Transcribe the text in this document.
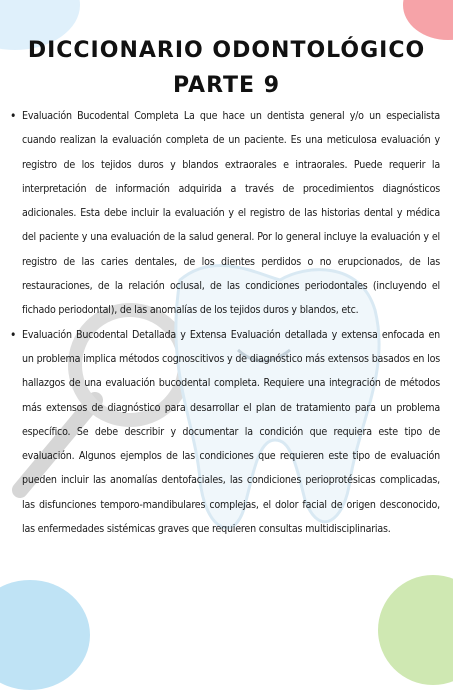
DICCIONARIO ODONTOLÓGICO
PARTE 9
• Evaluación Bucodental Completa La que hace un dentista general y/o un especialista cuando realizan la evaluación completa de un paciente. Es una meticulosa evaluación y registro de los tejidos duros y blandos extraorales e intraorales. Puede requerir la interpretación de información adquirida a través de procedimientos diagnósticos adicionales. Esta debe incluir la evaluación y el registro de las historias dental y médica del paciente y una evaluación de la salud general. Por lo general incluye la evaluación y el registro de las caries dentales, de los dientes perdidos o no erupcionados, de las restauraciones, de la relación oclusal, de las condiciones periodontales (incluyendo el fichado periodontal), de las anomalías de los tejidos duros y blandos, etc.
• Evaluación Bucodental Detallada y Extensa Evaluación detallada y extensa enfocada en un problema implica métodos cognoscitivos y de diagnóstico más extensos basados en los hallazgos de una evaluación bucodental completa. Requiere una integración de métodos más extensos de diagnóstico para desarrollar el plan de tratamiento para un problema específico. Se debe describir y documentar la condición que requiera este tipo de evaluación. Algunos ejemplos de las condiciones que requieren este tipo de evaluación pueden incluir las anomalías dentofaciales, las condiciones perioprotésicas complicadas, las disfunciones temporo-mandibulares complejas, el dolor facial de origen desconocido, las enfermedades sistémicas graves que requieren consultas multidisciplinarias.
